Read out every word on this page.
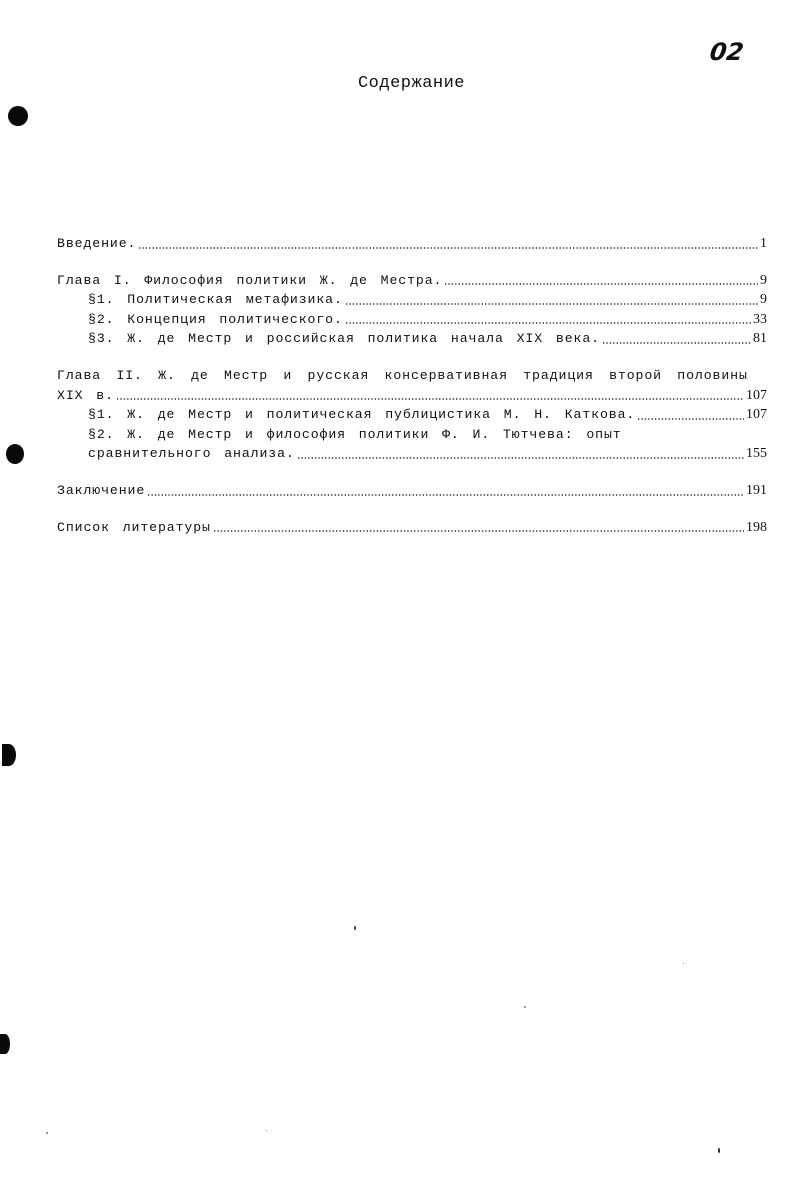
02
Содержание
Введение.	1
Глава I. Философия политики Ж. де Местра.	9
§1. Политическая метафизика.	9
§2. Концепция политического.	33
§3. Ж. де Местр и российская политика начала XIX века.	81
Глава II. Ж. де Местр и русская консервативная традиция второй половины
XIX в.	107
§1. Ж. де Местр и политическая публицистика М. Н. Каткова.	107
§2. Ж. де Местр и философия политики Ф. И. Тютчева: опыт
сравнительного анализа.	155
Заключение	191
Список литературы	198
